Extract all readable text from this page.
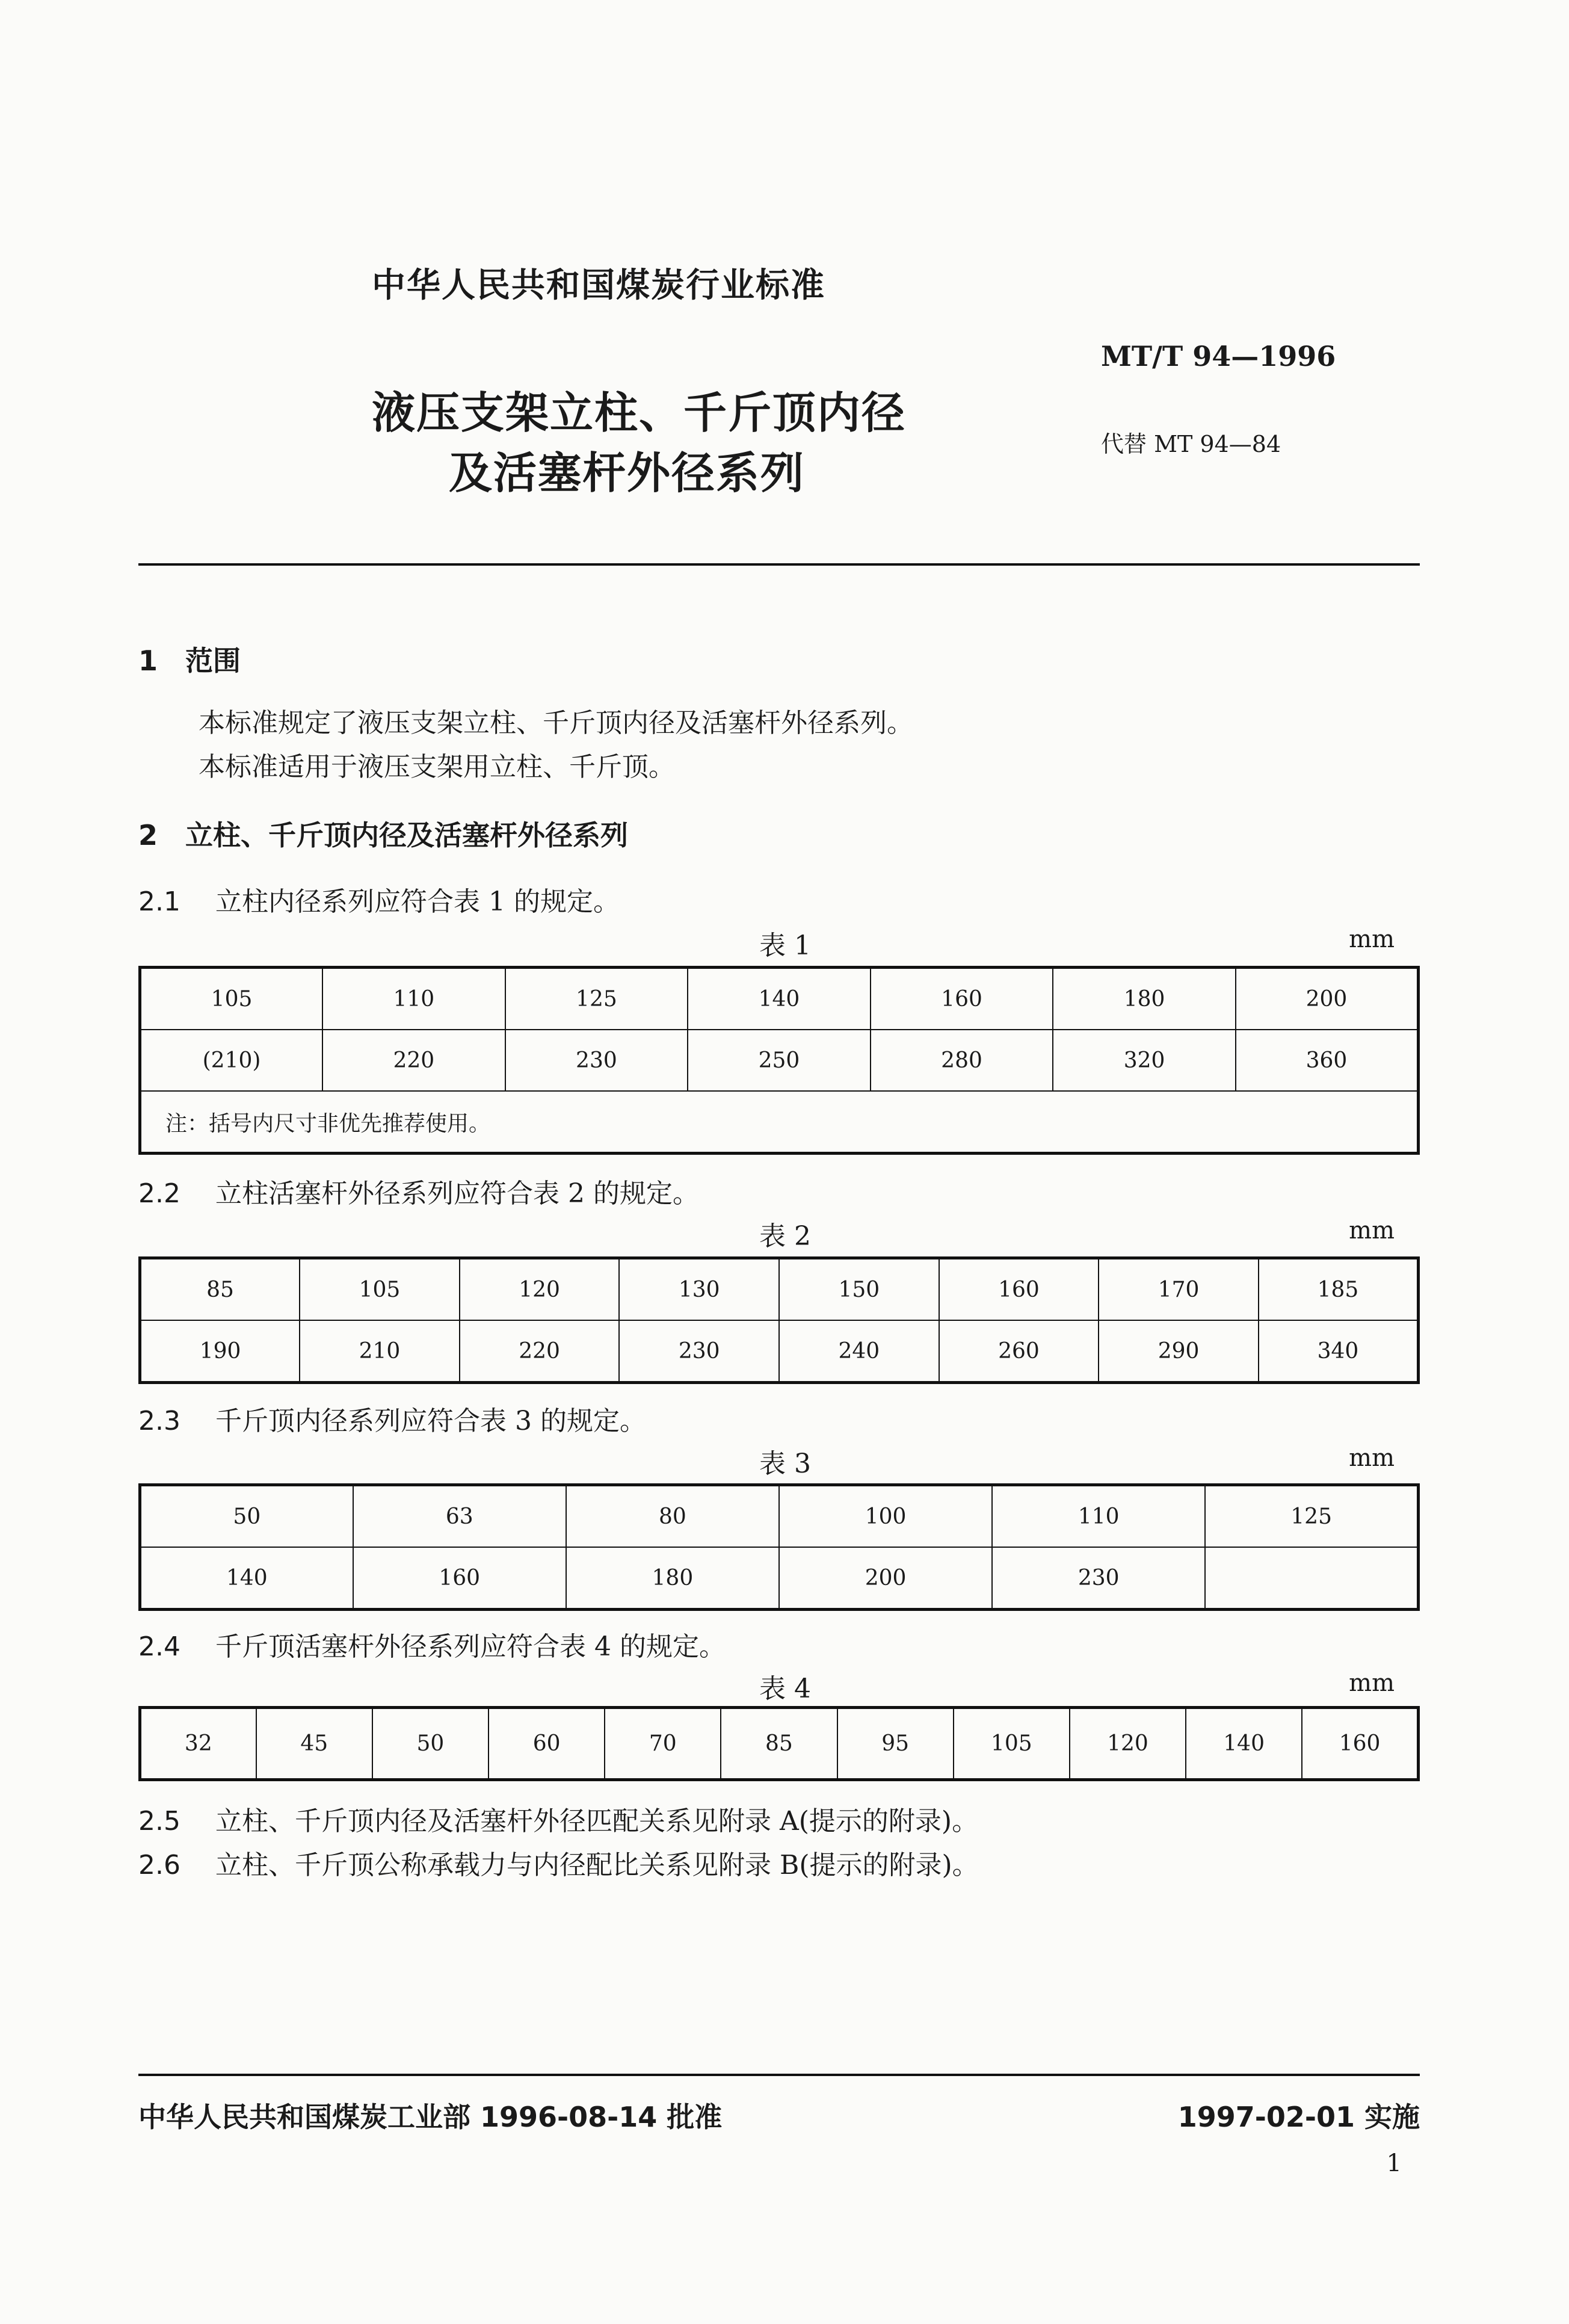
中华人民共和国煤炭行业标准
MT/T 94—1996
液压支架立柱、千斤顶内径
及活塞杆外径系列
代替 MT 94—84
1　范围
本标准规定了液压支架立柱、千斤顶内径及活塞杆外径系列。
本标准适用于液压支架用立柱、千斤顶。
2　立柱、千斤顶内径及活塞杆外径系列
2.1 立柱内径系列应符合表 1 的规定。
表 1	mm
105	110	125	140	160	180	200
(210)	220	230	250	280	320	360
注：括号内尺寸非优先推荐使用。						
2.2 立柱活塞杆外径系列应符合表 2 的规定。
表 2	mm
85	105	120	130	150	160	170	185
190	210	220	230	240	260	290	340
2.3 千斤顶内径系列应符合表 3 的规定。
表 3	mm
50	63	80	100	110	125
140	160	180	200	230	
2.4 千斤顶活塞杆外径系列应符合表 4 的规定。
表 4	mm
32	45	50	60	70	85	95	105	120	140	160
2.5 立柱、千斤顶内径及活塞杆外径匹配关系见附录 A(提示的附录)。
2.6 立柱、千斤顶公称承载力与内径配比关系见附录 B(提示的附录)。
中华人民共和国煤炭工业部 1996-08-14 批准	1997-02-01 实施
1
